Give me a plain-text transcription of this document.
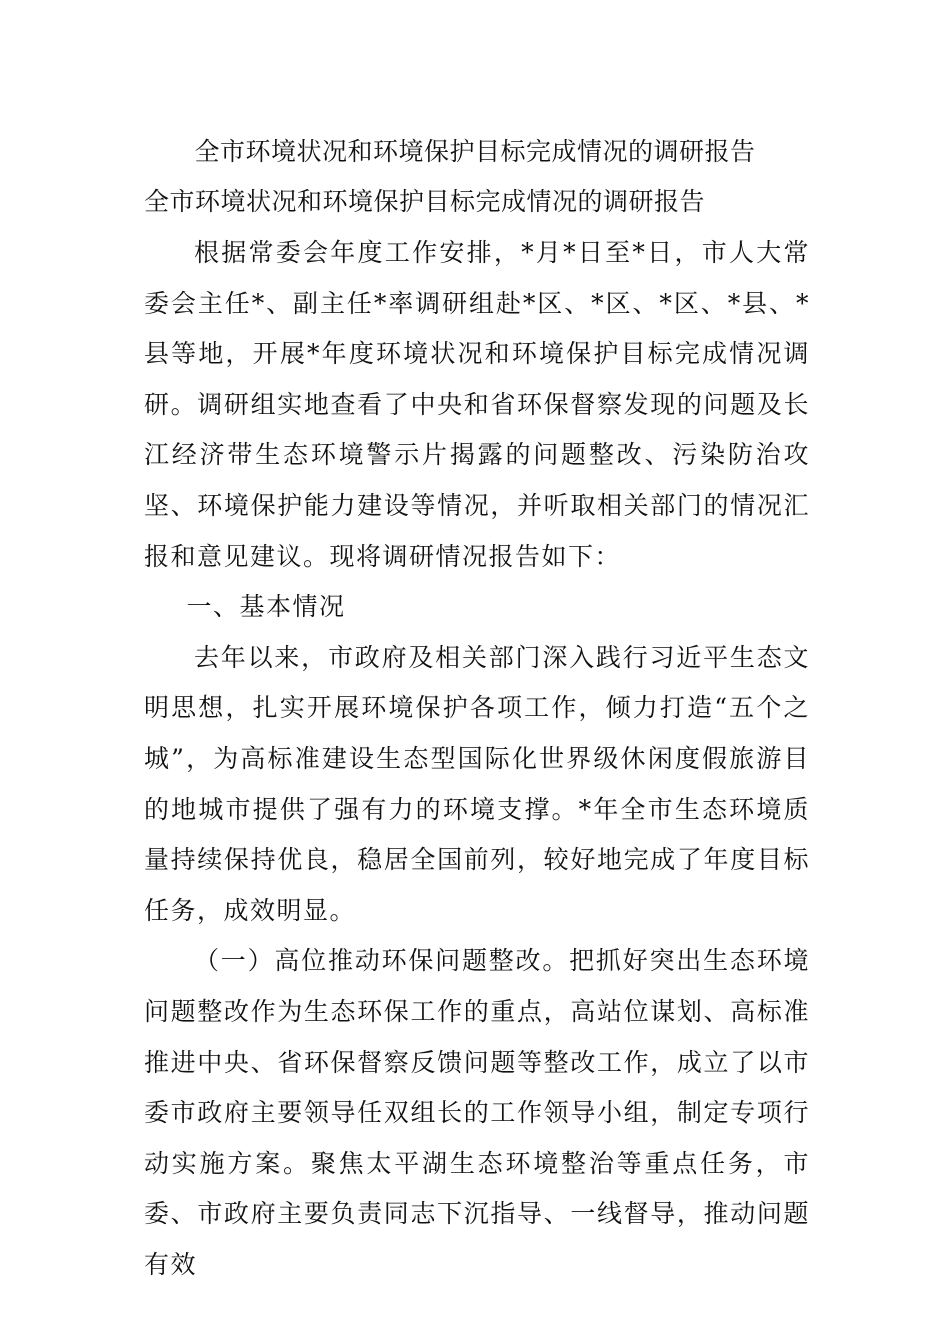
全市环境状况和环境保护目标完成情况的调研报告
全市环境状况和环境保护目标完成情况的调研报告

根据常委会年度工作安排，*月*日至*日，市人大常委会主任*、副主任*率调研组赴*区、*区、*区、*县、*县等地，开展*年度环境状况和环境保护目标完成情况调研。调研组实地查看了中央和省环保督察发现的问题及长江经济带生态环境警示片揭露的问题整改、污染防治攻坚、环境保护能力建设等情况，并听取相关部门的情况汇报和意见建议。现将调研情况报告如下：

一、基本情况

去年以来，市政府及相关部门深入践行习近平生态文明思想，扎实开展环境保护各项工作，倾力打造“五个之城”，为高标准建设生态型国际化世界级休闲度假旅游目的地城市提供了强有力的环境支撑。*年全市生态环境质量持续保持优良，稳居全国前列，较好地完成了年度目标任务，成效明显。

（一）高位推动环保问题整改。把抓好突出生态环境问题整改作为生态环保工作的重点，高站位谋划、高标准推进中央、省环保督察反馈问题等整改工作，成立了以市委市政府主要领导任双组长的工作领导小组，制定专项行动实施方案。聚焦太平湖生态环境整治等重点任务，市委、市政府主要负责同志下沉指导、一线督导，推动问题有效
